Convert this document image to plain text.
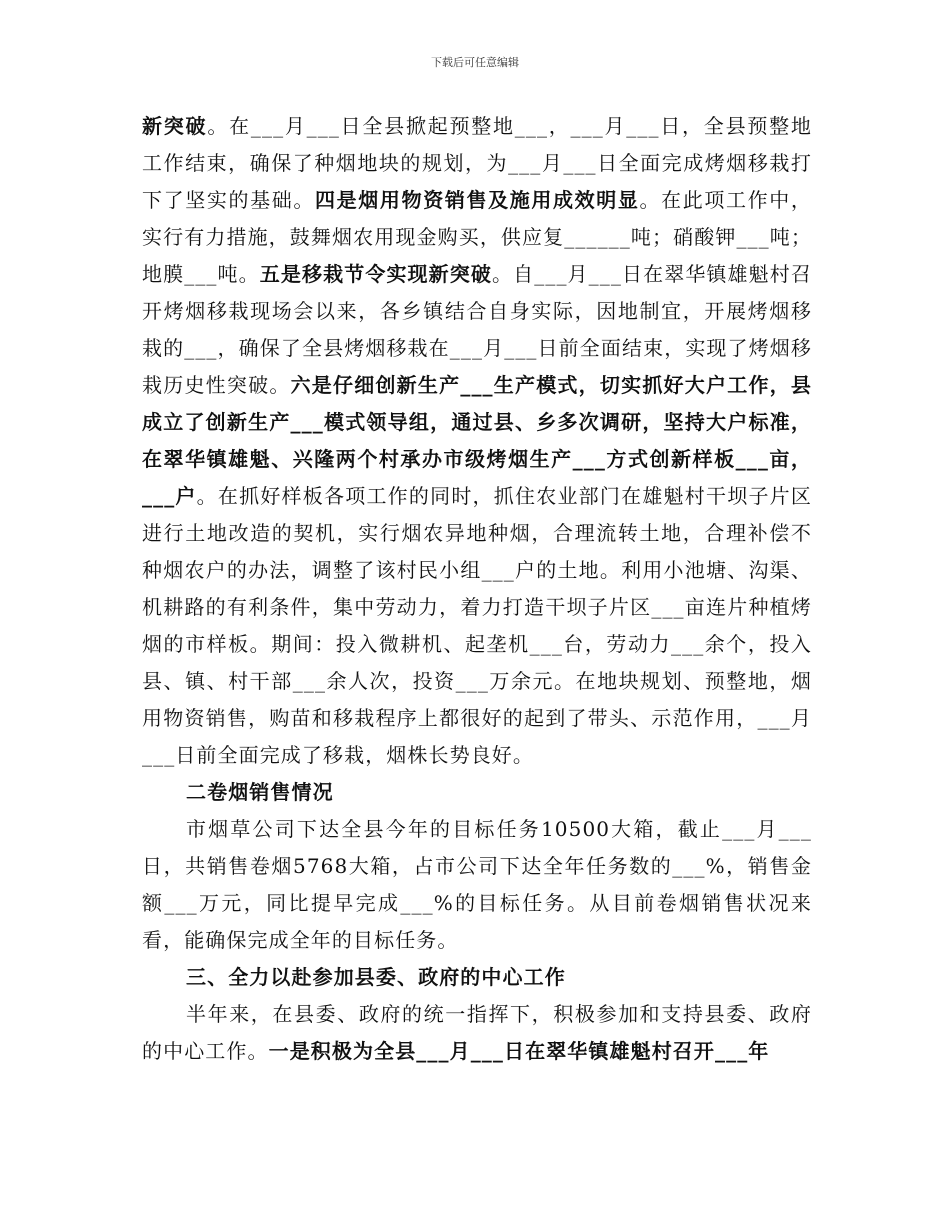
下载后可任意编辑

新突破。在___月___日全县掀起预整地___，___月___日，全县预整地工作结束，确保了种烟地块的规划，为___月___日全面完成烤烟移栽打下了坚实的基础。四是烟用物资销售及施用成效明显。在此项工作中，实行有力措施，鼓舞烟农用现金购买，供应复______吨；硝酸钾___吨；地膜___吨。五是移栽节令实现新突破。自___月___日在翠华镇雄魁村召开烤烟移栽现场会以来，各乡镇结合自身实际，因地制宜，开展烤烟移栽的___，确保了全县烤烟移栽在___月___日前全面结束，实现了烤烟移栽历史性突破。六是仔细创新生产___生产模式，切实抓好大户工作，县成立了创新生产___模式领导组，通过县、乡多次调研，坚持大户标准，在翠华镇雄魁、兴隆两个村承办市级烤烟生产___方式创新样板___亩，___户。在抓好样板各项工作的同时，抓住农业部门在雄魁村干坝子片区进行土地改造的契机，实行烟农异地种烟，合理流转土地，合理补偿不种烟农户的办法，调整了该村民小组___户的土地。利用小池塘、沟渠、机耕路的有利条件，集中劳动力，着力打造干坝子片区___亩连片种植烤烟的市样板。期间：投入微耕机、起垄机___台，劳动力___余个，投入县、镇、村干部___余人次，投资___万余元。在地块规划、预整地，烟用物资销售，购苗和移栽程序上都很好的起到了带头、示范作用，___月___日前全面完成了移栽，烟株长势良好。

二卷烟销售情况

市烟草公司下达全县今年的目标任务10500大箱，截止___月___日，共销售卷烟5768大箱，占市公司下达全年任务数的___%，销售金额___万元，同比提早完成___%的目标任务。从目前卷烟销售状况来看，能确保完成全年的目标任务。

三、全力以赴参加县委、政府的中心工作

半年来，在县委、政府的统一指挥下，积极参加和支持县委、政府的中心工作。一是积极为全县___月___日在翠华镇雄魁村召开___年
